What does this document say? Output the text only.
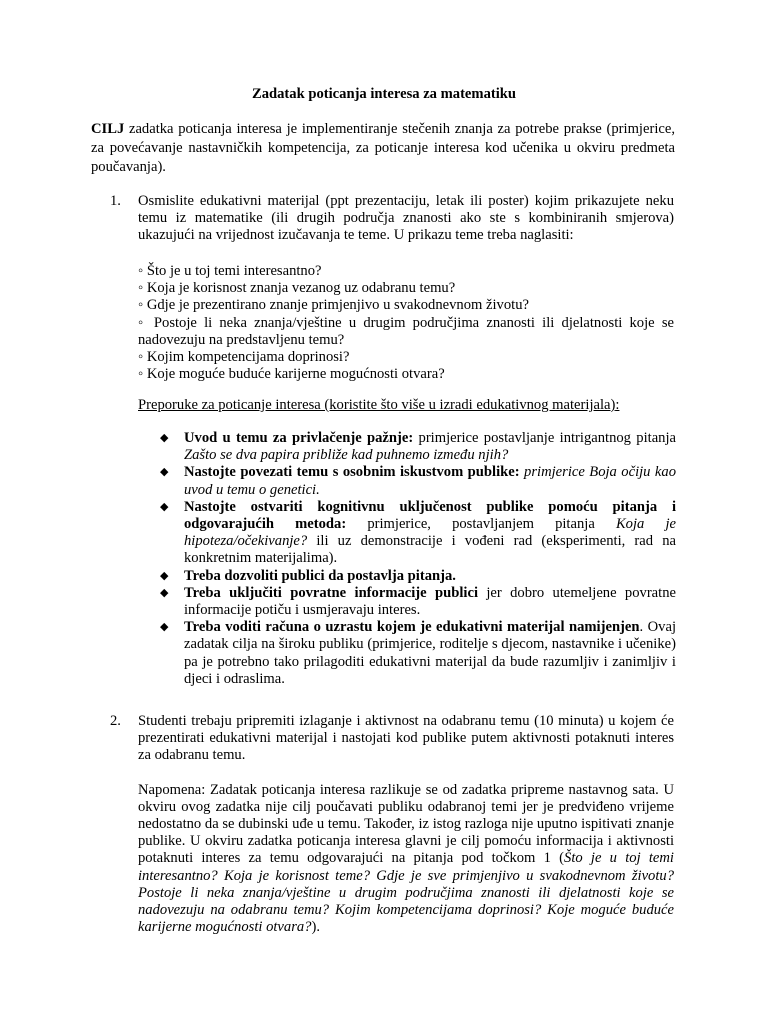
Zadatak poticanja interesa za matematiku

CILJ zadatka poticanja interesa je implementiranje stečenih znanja za potrebe prakse (primjerice, za povećavanje nastavničkih kompetencija, za poticanje interesa kod učenika u okviru predmeta poučavanja).

1. Osmislite edukativni materijal (ppt prezentaciju, letak ili poster) kojim prikazujete neku temu iz matematike (ili drugih područja znanosti ako ste s kombiniranih smjerova) ukazujući na vrijednost izučavanja te teme. U prikazu teme treba naglasiti:

◦ Što je u toj temi interesantno?

◦ Koja je korisnost znanja vezanog uz odabranu temu?

◦ Gdje je prezentirano znanje primjenjivo u svakodnevnom životu?

◦ Postoje li neka znanja/vještine u drugim područjima znanosti ili djelatnosti koje se nadovezuju na predstavljenu temu?

◦ Kojim kompetencijama doprinosi?

◦ Koje moguće buduće karijerne mogućnosti otvara?

Preporuke za poticanje interesa (koristite što više u izradi edukativnog materijala):

◆ Uvod u temu za privlačenje pažnje: primjerice postavljanje intrigantnog pitanja Zašto se dva papira približe kad puhnemo između njih?

◆ Nastojte povezati temu s osobnim iskustvom publike: primjerice Boja očiju kao uvod u temu o genetici.

◆ Nastojte ostvariti kognitivnu uključenost publike pomoću pitanja i odgovarajućih metoda: primjerice, postavljanjem pitanja Koja je hipoteza/očekivanje? ili uz demonstracije i vođeni rad (eksperimenti, rad na konkretnim materijalima).

◆ Treba dozvoliti publici da postavlja pitanja.

◆ Treba uključiti povratne informacije publici jer dobro utemeljene povratne informacije potiču i usmjeravaju interes.

◆ Treba voditi računa o uzrastu kojem je edukativni materijal namijenjen. Ovaj zadatak cilja na široku publiku (primjerice, roditelje s djecom, nastavnike i učenike) pa je potrebno tako prilagoditi edukativni materijal da bude razumljiv i zanimljiv i djeci i odraslima.

2. Studenti trebaju pripremiti izlaganje i aktivnost na odabranu temu (10 minuta) u kojem će prezentirati edukativni materijal i nastojati kod publike putem aktivnosti potaknuti interes za odabranu temu.

Napomena: Zadatak poticanja interesa razlikuje se od zadatka pripreme nastavnog sata. U okviru ovog zadatka nije cilj poučavati publiku odabranoj temi jer je predviđeno vrijeme nedostatno da se dubinski uđe u temu. Također, iz istog razloga nije uputno ispitivati znanje publike. U okviru zadatka poticanja interesa glavni je cilj pomoću informacija i aktivnosti potaknuti interes za temu odgovarajući na pitanja pod točkom 1 (Što je u toj temi interesantno? Koja je korisnost teme? Gdje je sve primjenjivo u svakodnevnom životu? Postoje li neka znanja/vještine u drugim područjima znanosti ili djelatnosti koje se nadovezuju na odabranu temu? Kojim kompetencijama doprinosi? Koje moguće buduće karijerne mogućnosti otvara?).
